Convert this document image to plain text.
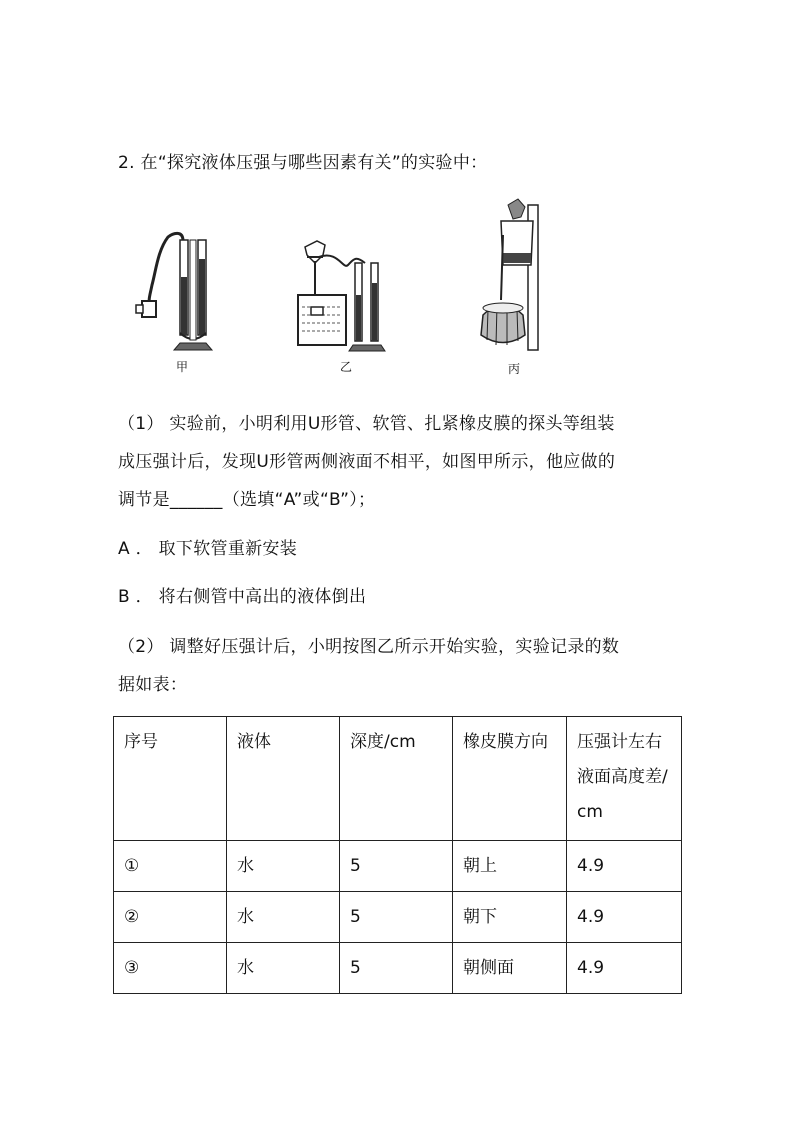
2. 在“探究液体压强与哪些因素有关”的实验中：
甲	乙	丙
（1） 实验前，小明利用U形管、软管、扎紧橡皮膜的探头等组装
成压强计后，发现U形管两侧液面不相平，如图甲所示，他应做的
调节是______（选填“A”或“B”）；
A ． 取下软管重新安装
B ． 将右侧管中高出的液体倒出
（2） 调整好压强计后，小明按图乙所示开始实验，实验记录的数
据如表：
序号	液体	深度/cm	橡皮膜方向	压强计左右液面高度差/cm
①	水	5	朝上	4.9
②	水	5	朝下	4.9
③	水	5	朝侧面	4.9
